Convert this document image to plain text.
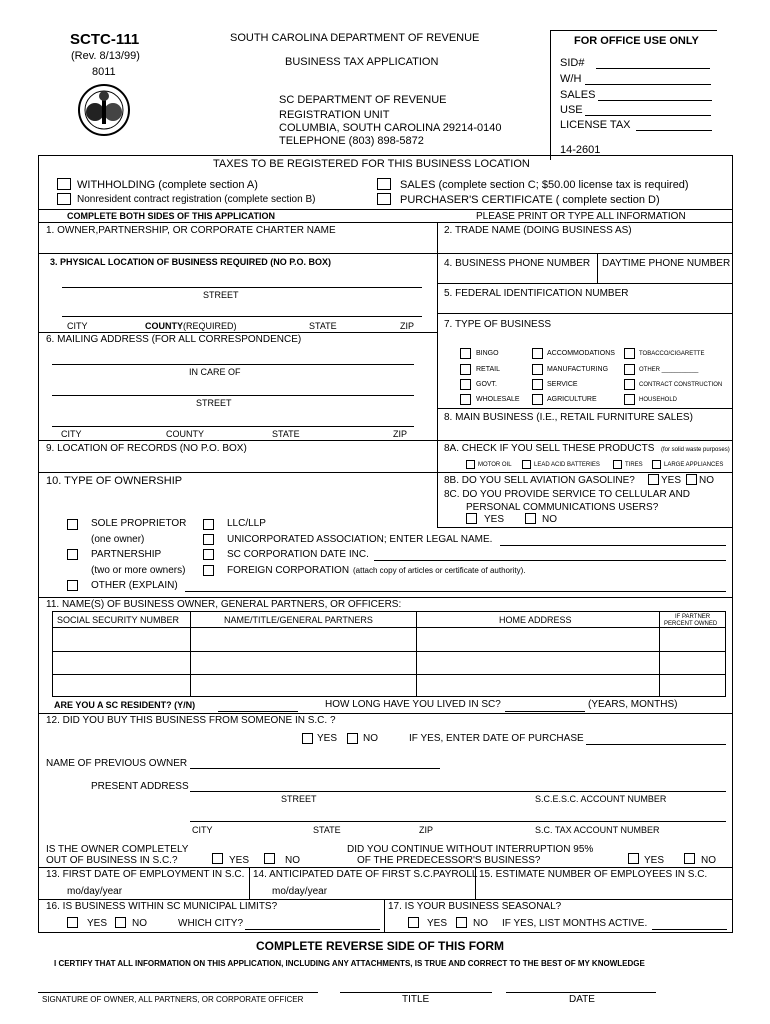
SCTC-111
(Rev. 8/13/99)
8011
SOUTH CAROLINA DEPARTMENT OF REVENUE
BUSINESS TAX APPLICATION
SC DEPARTMENT OF REVENUE
REGISTRATION UNIT
COLUMBIA, SOUTH CAROLINA 29214-0140
TELEPHONE (803) 898-5872
FOR OFFICE USE ONLY
SID#
W/H
SALES
USE
LICENSE TAX
14-2601
TAXES TO BE REGISTERED FOR THIS BUSINESS LOCATION
WITHHOLDING (complete section A)
Nonresident contract registration (complete section B)
SALES (complete section C; $50.00 license tax is required)
PURCHASER'S CERTIFICATE ( complete section D)
COMPLETE BOTH SIDES OF THIS APPLICATION	PLEASE PRINT OR TYPE ALL INFORMATION
1. OWNER,PARTNERSHIP, OR CORPORATE CHARTER NAME	2. TRADE NAME (DOING BUSINESS AS)
3. PHYSICAL LOCATION OF BUSINESS REQUIRED (NO P.O. BOX)	4. BUSINESS PHONE NUMBER DAYTIME PHONE NUMBER
STREET	5. FEDERAL IDENTIFICATION NUMBER
CITY	COUNTY (REQUIRED)	STATE	ZIP	7. TYPE OF BUSINESS
6. MAILING ADDRESS (FOR ALL CORRESPONDENCE)
IN CARE OF
STREET
CITY	COUNTY	STATE	ZIP
9. LOCATION OF RECORDS (NO P.O. BOX)
BINGO	ACCOMMODATIONS	TOBACCO/CIGARETTE
RETAIL	MANUFACTURING	OTHER ___________
GOVT.	SERVICE	CONTRACT CONSTRUCTION
WHOLESALE	AGRICULTURE	HOUSEHOLD
8. MAIN BUSINESS (I.E., RETAIL FURNITURE SALES)
8A. CHECK IF YOU SELL THESE PRODUCTS (for solid waste purposes)
MOTOR OIL	LEAD ACID BATTERIES	TIRES	LARGE APPLIANCES
10. TYPE OF OWNERSHIP	8B. DO YOU SELL AVIATION GASOLINE?	YES NO
8C. DO YOU PROVIDE SERVICE TO CELLULAR AND
PERSONAL COMMUNICATIONS USERS?
YES	NO
SOLE PROPRIETOR
(one owner)
PARTNERSHIP
(two or more owners)
OTHER (EXPLAIN)
LLC/LLP
UNICORPORATED ASSOCIATION; ENTER LEGAL NAME.
SC CORPORATION DATE INC.
FOREIGN CORPORATION (attach copy of articles or certificate of authority).
11. NAME(S) OF BUSINESS OWNER, GENERAL PARTNERS, OR OFFICERS:
SOCIAL SECURITY NUMBER	NAME/TITLE/GENERAL PARTNERS	HOME ADDRESS	IF PARTNER
PERCENT OWNED
ARE YOU A SC RESIDENT? (Y/N)	HOW LONG HAVE YOU LIVED IN SC?	(YEARS, MONTHS)
12. DID YOU BUY THIS BUSINESS FROM SOMEONE IN S.C. ?
YES	NO	IF YES, ENTER DATE OF PURCHASE
NAME OF PREVIOUS OWNER
PRESENT ADDRESS
STREET	S.C.E.S.C. ACCOUNT NUMBER
CITY	STATE	ZIP	S.C. TAX ACCOUNT NUMBER
IS THE OWNER COMPLETELY
OUT OF BUSINESS IN S.C.?	YES	NO
DID YOU CONTINUE WITHOUT INTERRUPTION 95%
OF THE PREDECESSOR'S BUSINESS?	YES	NO
13. FIRST DATE OF EMPLOYMENT IN S.C. 14. ANTICIPATED DATE OF FIRST S.C.PAYROLL 15. ESTIMATE NUMBER OF EMPLOYEES IN S.C.
mo/day/year	mo/day/year
16. IS BUSINESS WITHIN SC MUNICIPAL LIMITS?	17. IS YOUR BUSINESS SEASONAL?
YES NO	WHICH CITY?	YES	NO IF YES, LIST MONTHS ACTIVE.
COMPLETE REVERSE SIDE OF THIS FORM
I CERTIFY THAT ALL INFORMATION ON THIS APPLICATION, INCLUDING ANY ATTACHMENTS, IS TRUE AND CORRECT TO THE BEST OF MY KNOWLEDGE
SIGNATURE OF OWNER, ALL PARTNERS, OR CORPORATE OFFICER	TITLE	DATE
